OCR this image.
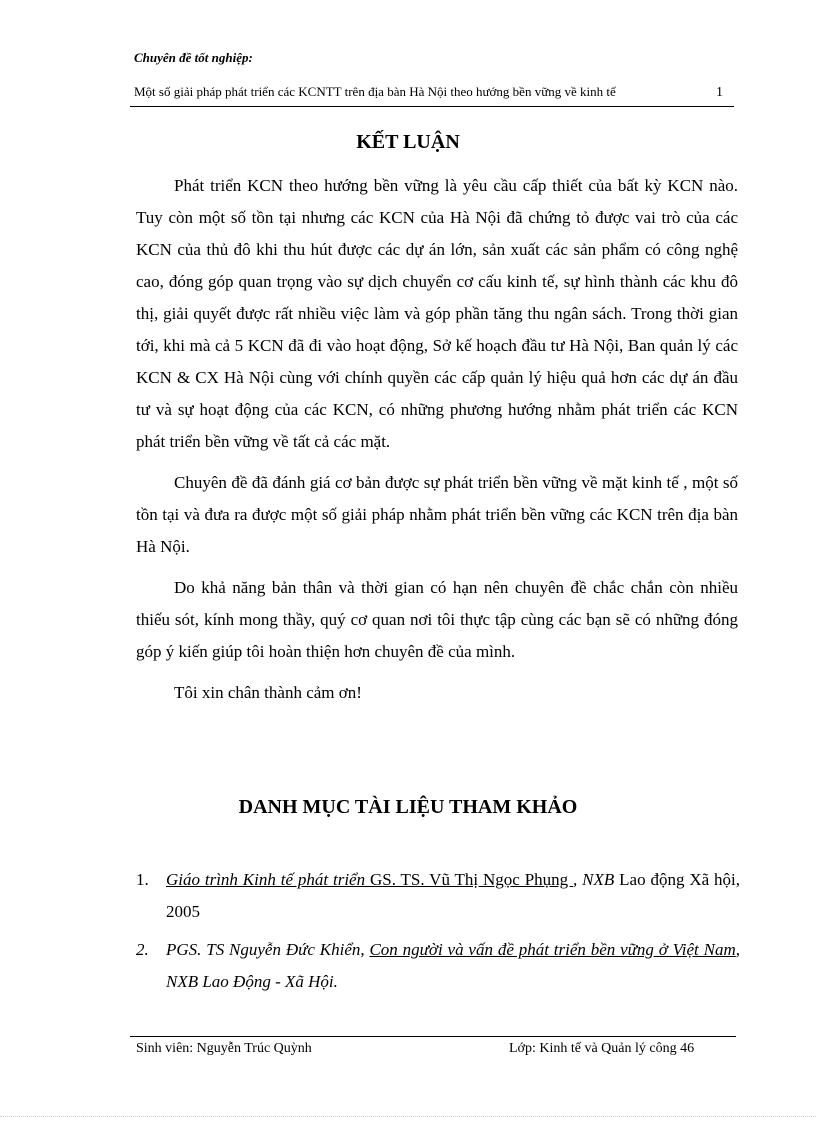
Chuyên đề tốt nghiệp:
Một số giải pháp phát triển các KCNTT trên địa bàn Hà Nội theo hướng bền vững về kinh tế	1
KẾT LUẬN

Phát triển KCN theo hướng bền vững là yêu cầu cấp thiết của bất kỳ KCN nào. Tuy còn một số tồn tại nhưng các KCN của Hà Nội đã chứng tỏ được vai trò của các KCN của thủ đô khi thu hút được các dự án lớn, sản xuất các sản phẩm có công nghệ cao, đóng góp quan trọng vào sự dịch chuyển cơ cấu kinh tế, sự hình thành các khu đô thị, giải quyết được rất nhiều việc làm và góp phần tăng thu ngân sách. Trong thời gian tới, khi mà cả 5 KCN đã đi vào hoạt động, Sở kế hoạch đầu tư Hà Nội, Ban quản lý các KCN & CX Hà Nội cùng với chính quyền các cấp quản lý hiệu quả hơn các dự án đầu tư và sự hoạt động của các KCN, có những phương hướng nhằm phát triển các KCN phát triển bền vững về tất cả các mặt.

Chuyên đề đã đánh giá cơ bản được sự phát triển bền vững về mặt kinh tế , một số tồn tại và đưa ra được một số giải pháp nhằm phát triển bền vững các KCN trên địa bàn Hà Nội.

Do khả năng bản thân và thời gian có hạn nên chuyên đề chắc chắn còn nhiều thiếu sót, kính mong thầy, quý cơ quan nơi tôi thực tập cùng các bạn sẽ có những đóng góp ý kiến giúp tôi hoàn thiện hơn chuyên đề của mình.

Tôi xin chân thành cảm ơn!

DANH MỤC TÀI LIỆU THAM KHẢO
1.	Giáo trình Kinh tế phát triển GS. TS. Vũ Thị Ngọc Phụng , NXB Lao động Xã hội, 2005
2.	PGS. TS Nguyễn Đức Khiển, Con người và vấn đề phát triển bền vững ở Việt Nam, NXB Lao Động - Xã Hội.
Sinh viên: Nguyễn Trúc Quỳnh	Lớp: Kinh tế và Quản lý công 46
